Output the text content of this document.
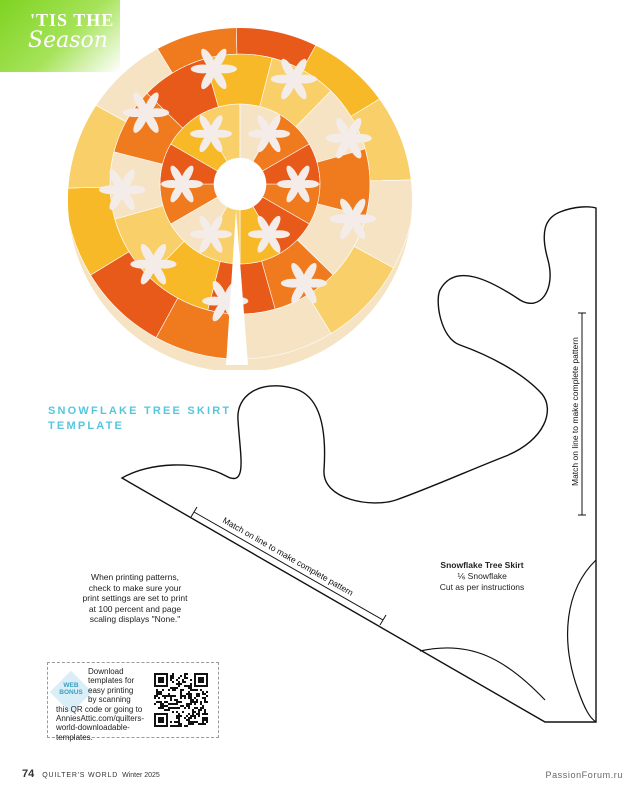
'TIS THE
Season
Match on line to make complete pattern
Match on line to make complete pattern
SNOWFLAKE TREE SKIRT TEMPLATE
When printing patterns, check to make sure your print settings are set to print at 100 percent and page scaling displays "None."
Snowflake Tree Skirt
⅙ Snowflake
Cut as per instructions
WEB
BONUS
Download
templates for
easy printing
by scanning
this QR code or going to
AnniesAttic.com/quilters-
world-downloadable-
templates.
74 QUILTER'S WORLD Winter 2025	PassionForum.ru
